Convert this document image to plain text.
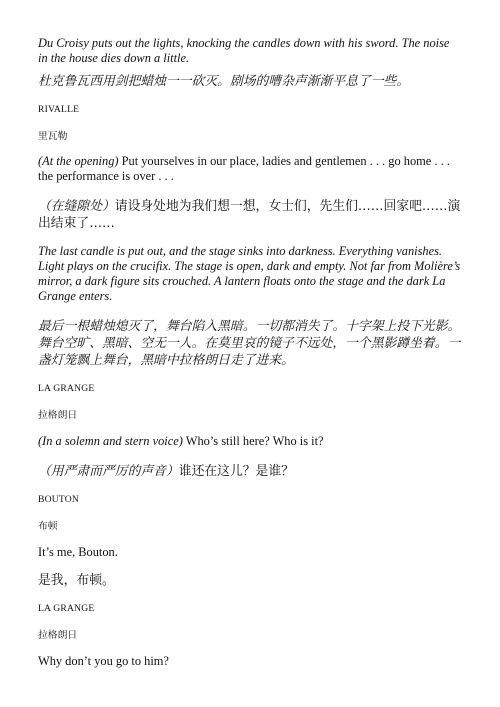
Du Croisy puts out the lights, knocking the candles down with his sword. The noise in the house dies down a little.

杜克鲁瓦西用剑把蜡烛一一砍灭。剧场的嘈杂声渐渐平息了一些。

RIVALLE

里瓦勒

(At the opening) Put yourselves in our place, ladies and gentlemen . . . go home . . . the performance is over . . .

（在缝隙处）请设身处地为我们想一想，女士们，先生们……回家吧……演出结束了……

The last candle is put out, and the stage sinks into darkness. Everything vanishes. Light plays on the crucifix. The stage is open, dark and empty. Not far from Molière’s mirror, a dark figure sits crouched. A lantern floats onto the stage and the dark La Grange enters.

最后一根蜡烛熄灭了，舞台陷入黑暗。一切都消失了。十字架上投下光影。舞台空旷、黑暗、空无一人。在莫里哀的镜子不远处，一个黑影蹲坐着。一盏灯笼飘上舞台，黑暗中拉格朗日走了进来。

LA GRANGE

拉格朗日

(In a solemn and stern voice) Who’s still here? Who is it?

（用严肃而严厉的声音）谁还在这儿？是谁？

BOUTON

布顿

It’s me, Bouton.

是我，布顿。

LA GRANGE

拉格朗日

Why don’t you go to him?
